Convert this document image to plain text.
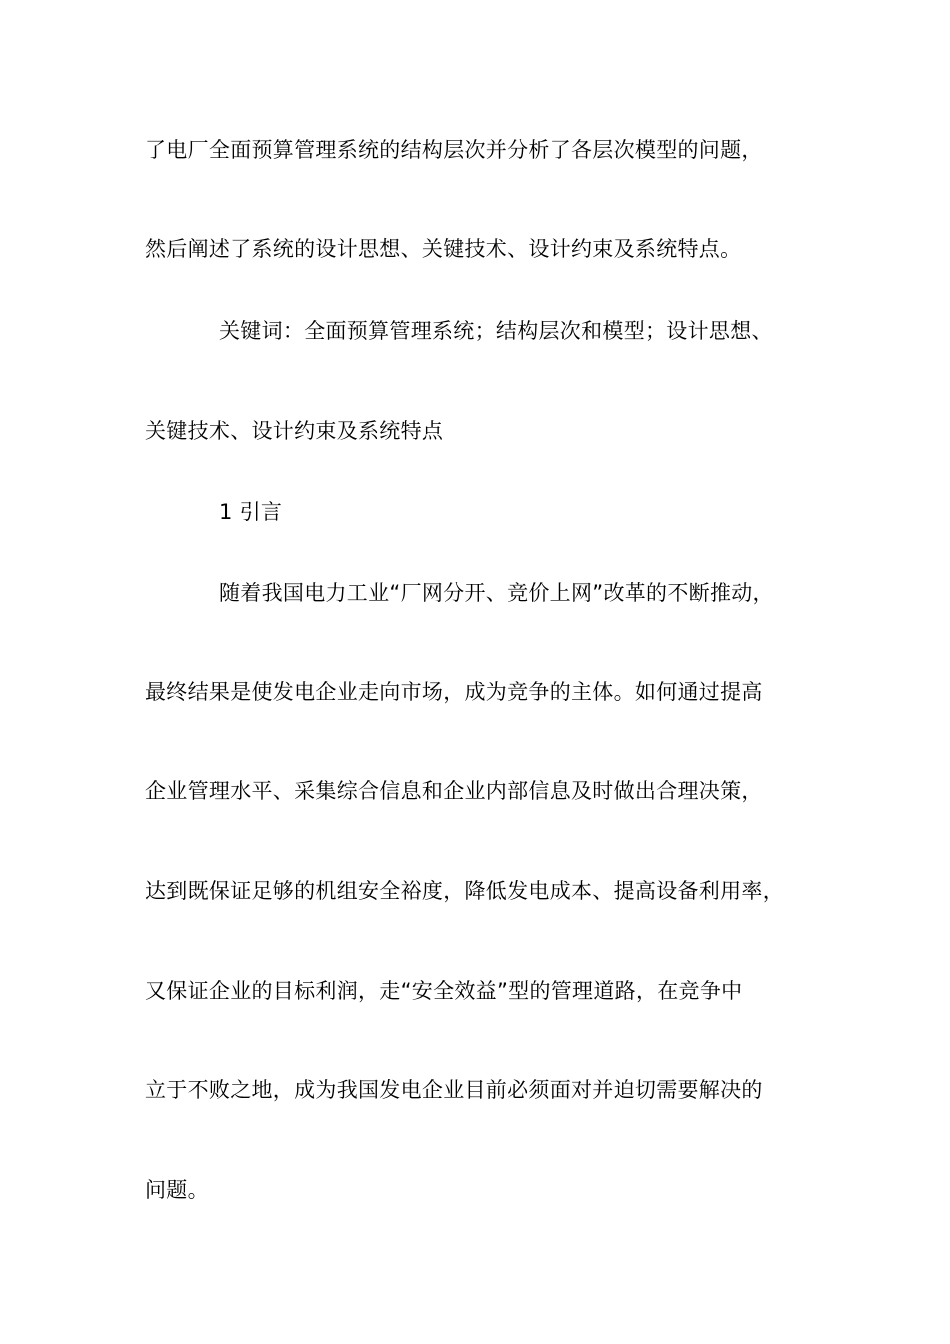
了电厂全面预算管理系统的结构层次并分析了各层次模型的问题，
然后阐述了系统的设计思想、关键技术、设计约束及系统特点。
关键词：全面预算管理系统；结构层次和模型；设计思想、
关键技术、设计约束及系统特点
1 引言
随着我国电力工业“厂网分开、竞价上网”改革的不断推动，
最终结果是使发电企业走向市场，成为竞争的主体。如何通过提高
企业管理水平、采集综合信息和企业内部信息及时做出合理决策，
达到既保证足够的机组安全裕度，降低发电成本、提高设备利用率，
又保证企业的目标利润，走“安全效益”型的管理道路，在竞争中
立于不败之地，成为我国发电企业目前必须面对并迫切需要解决的
问题。
